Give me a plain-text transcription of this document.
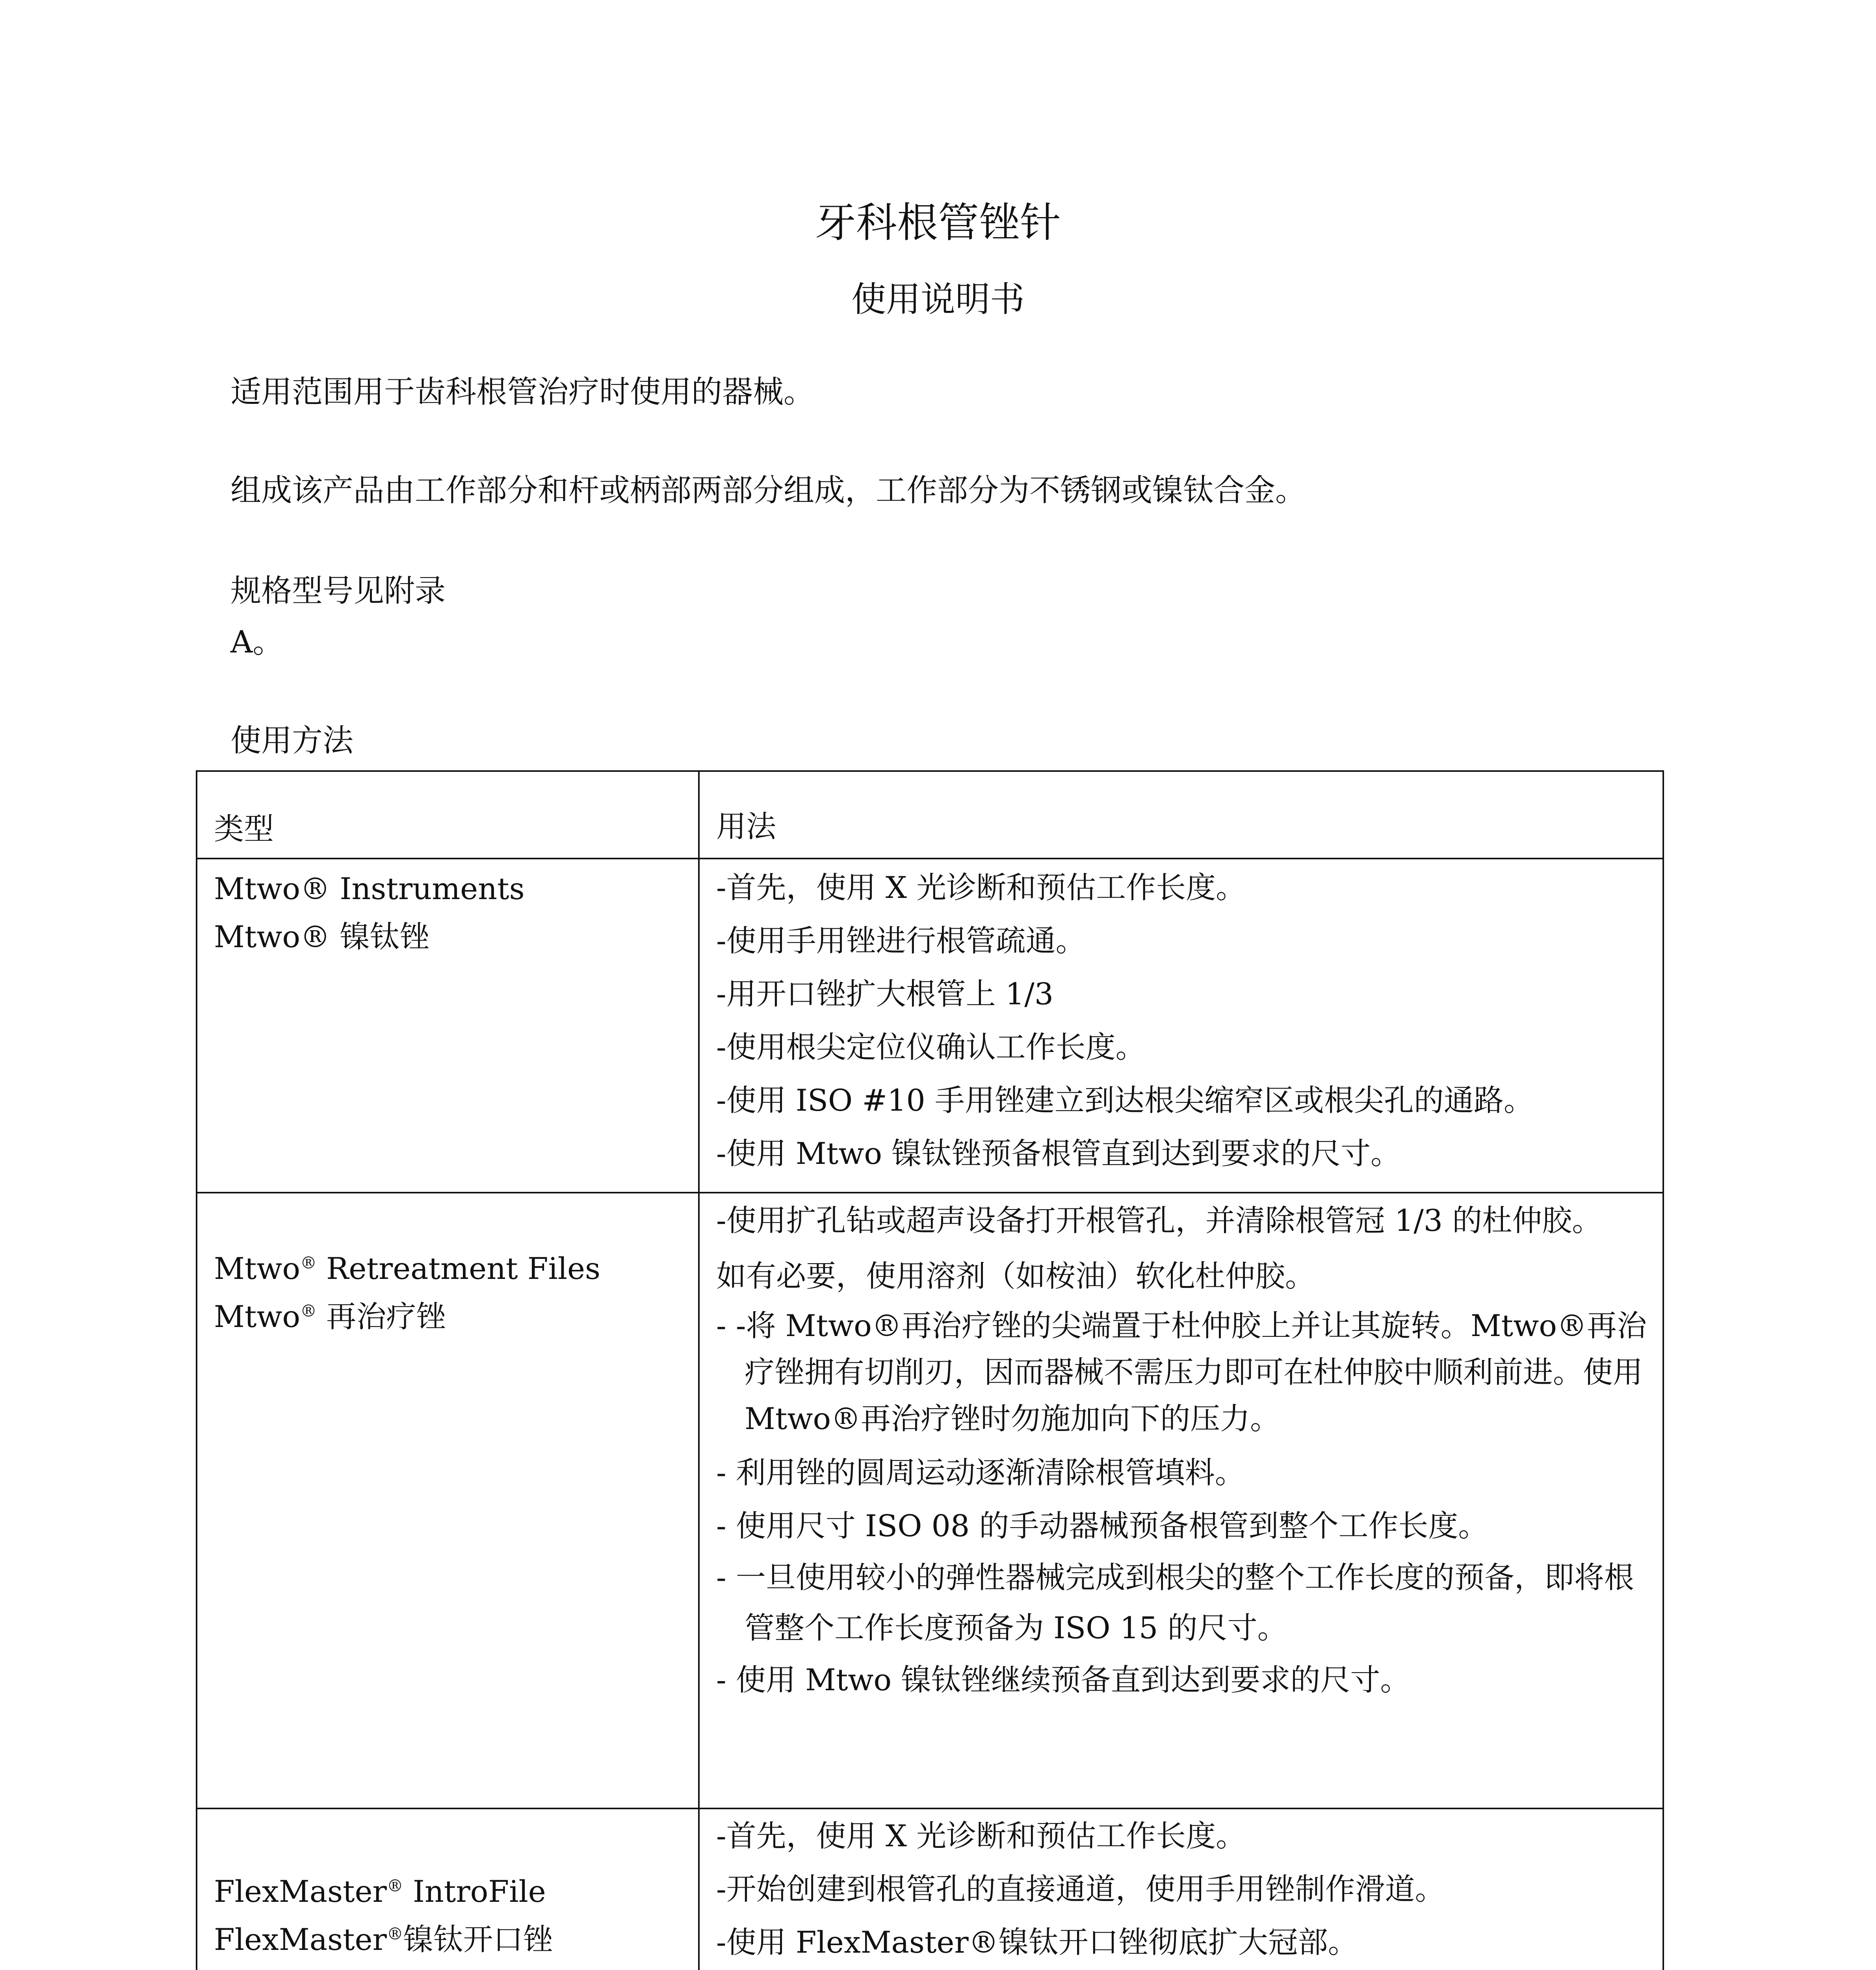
牙科根管锉针
使用说明书
适用范围用于齿科根管治疗时使用的器械。
组成该产品由工作部分和杆或柄部两部分组成，工作部分为不锈钢或镍钛合金。
规格型号见附录
A。
使用方法
类型	用法
Mtwo® Instruments
Mtwo® 镍钛锉
-首先，使用 X 光诊断和预估工作长度。
-使用手用锉进行根管疏通。
-用开口锉扩大根管上 1/3
-使用根尖定位仪确认工作长度。
-使用 ISO #10 手用锉建立到达根尖缩窄区或根尖孔的通路。
-使用 Mtwo 镍钛锉预备根管直到达到要求的尺寸。
Mtwo® Retreatment Files
Mtwo® 再治疗锉
-使用扩孔钻或超声设备打开根管孔，并清除根管冠 1/3 的杜仲胶。
如有必要，使用溶剂（如桉油）软化杜仲胶。
- -将 Mtwo®再治疗锉的尖端置于杜仲胶上并让其旋转。Mtwo®再治疗锉拥有切削刃，因而器械不需压力即可在杜仲胶中顺利前进。使用 Mtwo®再治疗锉时勿施加向下的压力。
- 利用锉的圆周运动逐渐清除根管填料。
- 使用尺寸 ISO 08 的手动器械预备根管到整个工作长度。
- 一旦使用较小的弹性器械完成到根尖的整个工作长度的预备，即将根管整个工作长度预备为 ISO 15 的尺寸。
- 使用 Mtwo 镍钛锉继续预备直到达到要求的尺寸。
FlexMaster® IntroFile
FlexMaster®镍钛开口锉
-首先，使用 X 光诊断和预估工作长度。
-开始创建到根管孔的直接通道，使用手用锉制作滑道。
-使用 FlexMaster®镍钛开口锉彻底扩大冠部。
